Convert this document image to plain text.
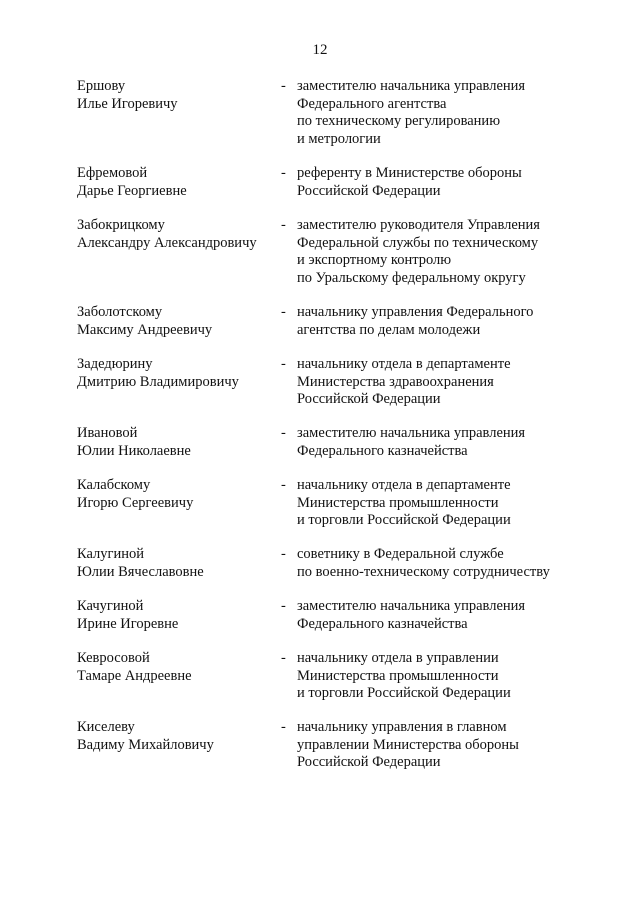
12
Ершову
Илье Игоревичу
- заместителю начальника управления
Федерального агентства
по техническому регулированию
и метрологии
Ефремовой
Дарье Георгиевне
- референту в Министерстве обороны
Российской Федерации
Забокрицкому
Александру Александровичу
- заместителю руководителя Управления
Федеральной службы по техническому
и экспортному контролю
по Уральскому федеральному округу
Заболотскому
Максиму Андреевичу
- начальнику управления Федерального
агентства по делам молодежи
Задедюрину
Дмитрию Владимировичу
- начальнику отдела в департаменте
Министерства здравоохранения
Российской Федерации
Ивановой
Юлии Николаевне
- заместителю начальника управления
Федерального казначейства
Калабскому
Игорю Сергеевичу
- начальнику отдела в департаменте
Министерства промышленности
и торговли Российской Федерации
Калугиной
Юлии Вячеславовне
- советнику в Федеральной службе
по военно-техническому сотрудничеству
Качугиной
Ирине Игоревне
- заместителю начальника управления
Федерального казначейства
Кевросовой
Тамаре Андреевне
- начальнику отдела в управлении
Министерства промышленности
и торговли Российской Федерации
Киселеву
Вадиму Михайловичу
- начальнику управления в главном
управлении Министерства обороны
Российской Федерации
